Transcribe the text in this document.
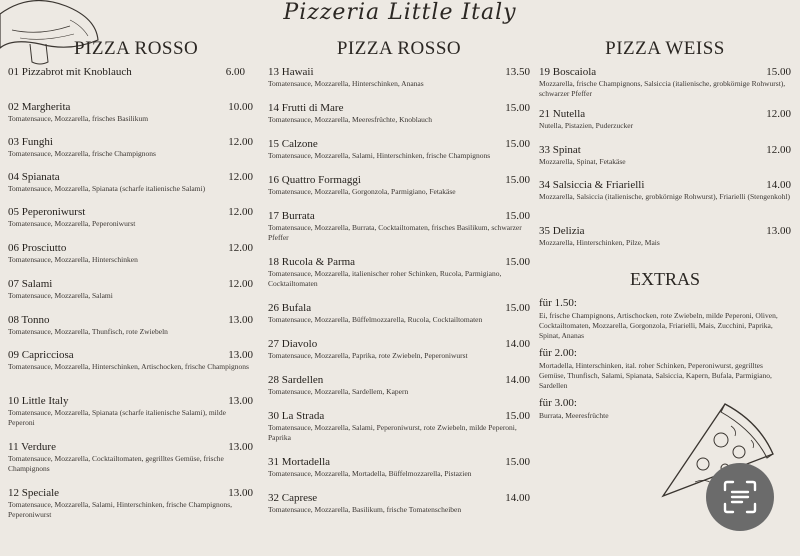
Pizzeria Little Italy
PIZZA ROSSO
01 Pizzabrot mit Knoblauch	6.00
02 Margherita	10.00
Tomatensauce, Mozzarella, frisches Basilikum
03 Funghi	12.00
Tomatensauce, Mozzarella, frische Champignons
04 Spianata	12.00
Tomatensauce, Mozzarella, Spianata (scharfe italienische Salami)
05 Peperoniwurst	12.00
Tomatensauce, Mozzarella, Peperoniwurst
06 Prosciutto	12.00
Tomatensauce, Mozzarella, Hinterschinken
07 Salami	12.00
Tomatensauce, Mozzarella, Salami
08 Tonno	13.00
Tomatensauce, Mozzarella, Thunfisch, rote Zwiebeln
09 Capricciosa	13.00
Tomatensauce, Mozzarella, Hinterschinken, Artischocken, frische Champignons
10 Little Italy	13.00
Tomatensauce, Mozzarella, Spianata (scharfe italienische Salami), milde Peperoni
11 Verdure	13.00
Tomatensauce, Mozzarella, Cocktailtomaten, gegrilltes Gemüse, frische Champignons
12 Speciale	13.00
Tomatensauce, Mozzarella, Salami, Hinterschinken, frische Champignons, Peperoniwurst
PIZZA ROSSO
13 Hawaii	13.50
Tomatensauce, Mozzarella, Hinterschinken, Ananas
14 Frutti di Mare	15.00
Tomatensauce, Mozzarella, Meeresfrüchte, Knoblauch
15 Calzone	15.00
Tomatensauce, Mozzarella, Salami, Hinterschinken, frische Champignons
16 Quattro Formaggi	15.00
Tomatensauce, Mozzarella, Gorgonzola, Parmigiano, Fetakäse
17 Burrata	15.00
Tomatensauce, Mozzarella, Burrata, Cocktailtomaten, frisches Basilikum, schwarzer Pfeffer
18 Rucola & Parma	15.00
Tomatensauce, Mozzarella, italienischer roher Schinken, Rucola, Parmigiano, Cocktailtomaten
26 Bufala	15.00
Tomatensauce, Mozzarella, Büffelmozzarella, Rucola, Cocktailtomaten
27 Diavolo	14.00
Tomatensauce, Mozzarella, Paprika, rote Zwiebeln, Peperoniwurst
28 Sardellen	14.00
Tomatensauce, Mozzarella, Sardellem, Kapern
30 La Strada	15.00
Tomatensauce, Mozzarella, Salami, Peperoniwurst, rote Zwiebeln, milde Peperoni, Paprika
31 Mortadella	15.00
Tomatensauce, Mozzarella, Mortadella, Büffelmozzarella, Pistazien
32 Caprese	14.00
Tomatensauce, Mozzarella, Basilikum, frische Tomatenscheiben
PIZZA WEISS
19 Boscaiola	15.00
Mozzarella, frische Champignons, Salsiccia (italienische, grobkörnige Rohwurst), schwarzer Pfeffer
21 Nutella	12.00
Nutella, Pistazien, Puderzucker
33 Spinat	12.00
Mozzarella, Spinat, Fetakäse
34 Salsiccia & Friarielli	14.00
Mozzarella, Salsiccia (italienische, grobkörnige Rohwurst), Friarielli (Stengenkohl)
35 Delizia	13.00
Mozzarella, Hinterschinken, Pilze, Mais
EXTRAS
für 1.50:
Ei, frische Champignons, Artischocken, rote Zwiebeln, milde Peperoni, Oliven, Cocktailtomaten, Mozzarella, Gorgonzola, Friarielli, Mais, Zucchini, Paprika, Spinat, Ananas
für 2.00:
Mortadella, Hinterschinken, ital. roher Schinken, Peperoniwurst, gegrilltes Gemüse, Thunfisch, Salami, Spianata, Salsiccia, Kapern, Bufala, Parmigiano, Sardellen
für 3.00:
Burrata, Meeresfrüchte
